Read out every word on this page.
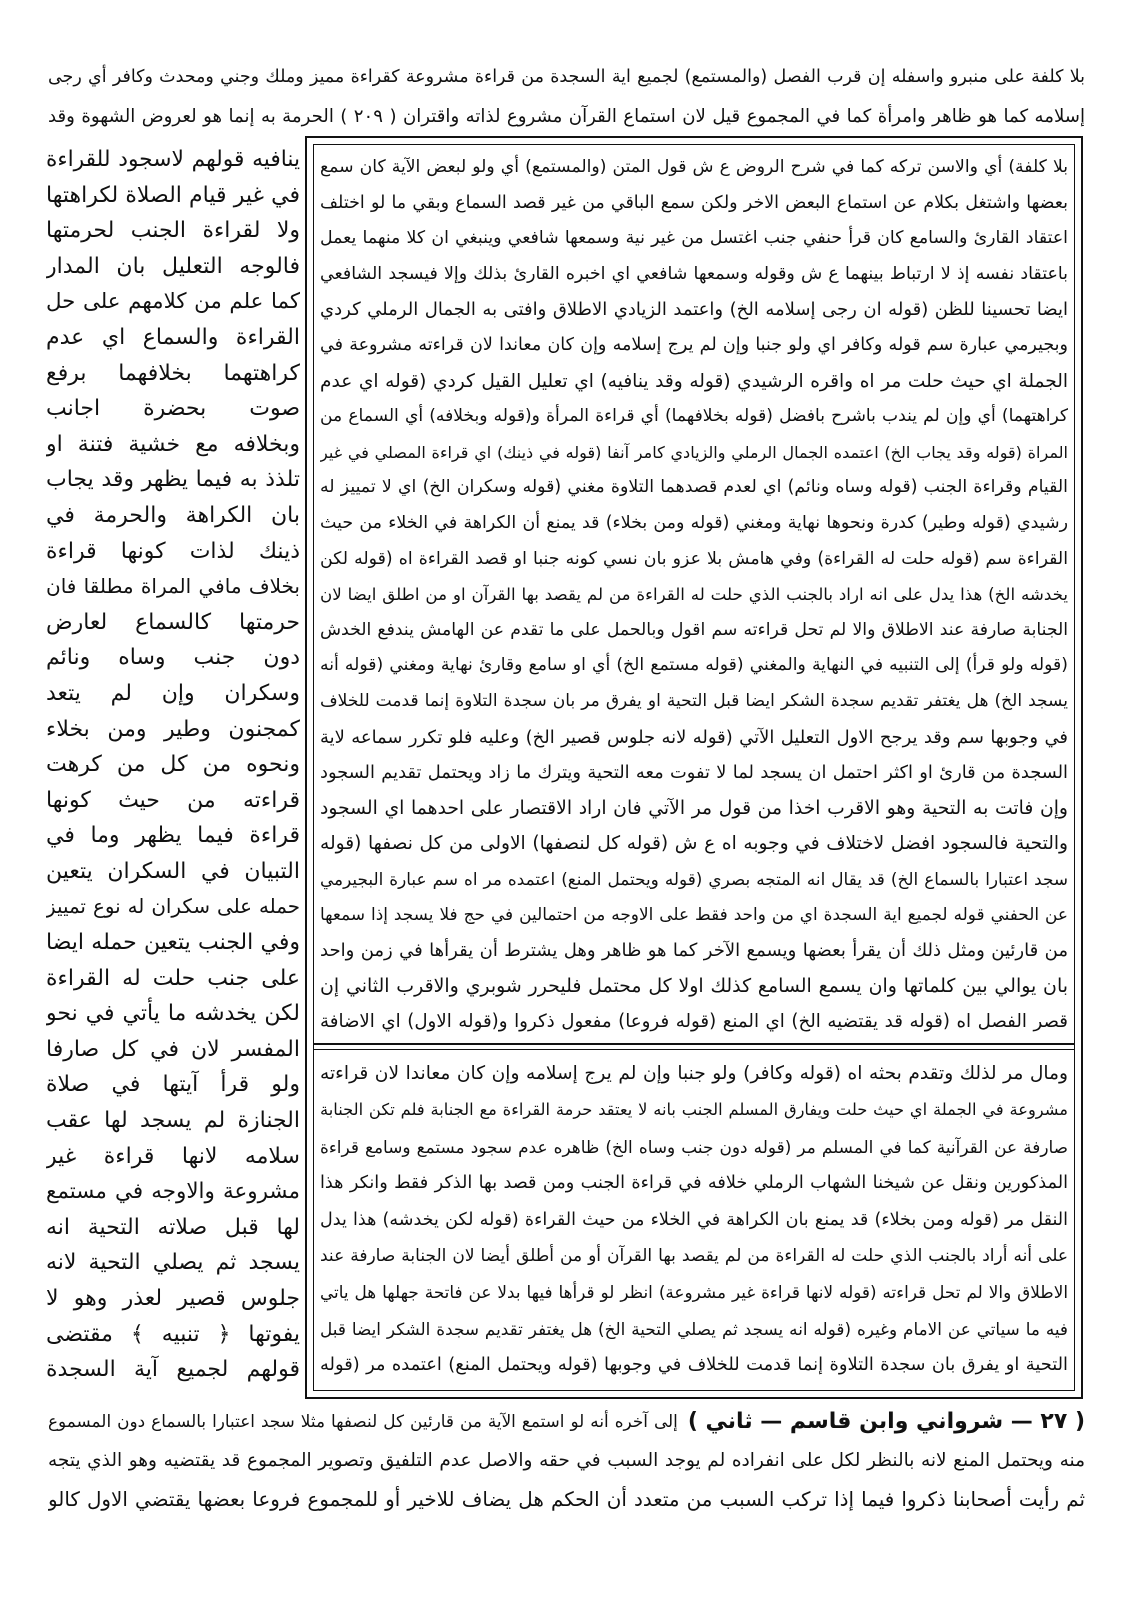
بلا كلفة على منبرو واسفله إن قرب الفصل (والمستمع) لجميع اية السجدة من قراءة مشروعة كقراءة مميز وملك وجني ومحدث وكافر أي رجى
إسلامه كما هو ظاهر وامرأة كما في المجموع قيل لان استماع القرآن مشروع لذاته واقتران ( ٢٠٩ ) الحرمة به إنما هو لعروض الشهوة وقد
ينافيه قولهم لاسجود للقراءة
في غير قيام الصلاة لكراهتها
ولا لقراءة الجنب لحرمتها
فالوجه التعليل بان المدار
كما علم من كلامهم على حل
القراءة والسماع اي عدم
كراهتهما بخلافهما برفع
صوت بحضرة اجانب
وبخلافه مع خشية فتنة او
تلذذ به فيما يظهر وقد يجاب
بان الكراهة والحرمة في
ذينك لذات كونها قراءة
بخلاف مافي المراة مطلقا فان
حرمتها كالسماع لعارض
دون جنب وساه ونائم
وسكران وإن لم يتعد
كمجنون وطير ومن بخلاء
ونحوه من كل من كرهت
قراءته من حيث كونها
قراءة فيما يظهر وما في
التبيان في السكران يتعين
حمله على سكران له نوع تمييز
وفي الجنب يتعين حمله ايضا
على جنب حلت له القراءة
لكن يخدشه ما يأتي في نحو
المفسر لان في كل صارفا
ولو قرأ آيتها في صلاة
الجنازة لم يسجد لها عقب
سلامه لانها قراءة غير
مشروعة والاوجه في مستمع
لها قبل صلاته التحية انه
يسجد ثم يصلي التحية لانه
جلوس قصير لعذر وهو لا
يفوتها ﴿ تنبيه ﴾ مقتضى
قولهم لجميع آية السجدة
بلا كلفة) أي والاسن تركه كما في شرح الروض ع ش قول المتن (والمستمع) أي ولو لبعض الآية كان سمع
بعضها واشتغل بكلام عن استماع البعض الاخر ولكن سمع الباقي من غير قصد السماع وبقي ما لو اختلف
اعتقاد القارئ والسامع كان قرأ حنفي جنب اغتسل من غير نية وسمعها شافعي وينبغي ان كلا منهما يعمل
باعتقاد نفسه إذ لا ارتباط بينهما ع ش وقوله وسمعها شافعي اي اخبره القارئ بذلك وإلا فيسجد الشافعي
ايضا تحسينا للظن (قوله ان رجى إسلامه الخ) واعتمد الزيادي الاطلاق وافتى به الجمال الرملي كردي
وبجيرمي عبارة سم قوله وكافر اي ولو جنبا وإن لم يرج إسلامه وإن كان معاندا لان قراءته مشروعة في
الجملة اي حيث حلت مر اه واقره الرشيدي (قوله وقد ينافيه) اي تعليل القيل كردي (قوله اي عدم
كراهتهما) أي وإن لم يندب باشرح بافضل (قوله بخلافهما) أي قراءة المرأة و(قوله وبخلافه) أي السماع من
المراة (قوله وقد يجاب الخ) اعتمده الجمال الرملي والزيادي كامر آنفا (قوله في ذينك) اي قراءة المصلي في غير
القيام وقراءة الجنب (قوله وساه ونائم) اي لعدم قصدهما التلاوة مغني (قوله وسكران الخ) اي لا تمييز له
رشيدي (قوله وطير) كدرة ونحوها نهاية ومغني (قوله ومن بخلاء) قد يمنع أن الكراهة في الخلاء من حيث
القراءة سم (قوله حلت له القراءة) وفي هامش بلا عزو بان نسي كونه جنبا او قصد القراءة اه (قوله لكن
يخدشه الخ) هذا يدل على انه اراد بالجنب الذي حلت له القراءة من لم يقصد بها القرآن او من اطلق ايضا لان
الجنابة صارفة عند الاطلاق والا لم تحل قراءته سم اقول وبالحمل على ما تقدم عن الهامش يندفع الخدش
(قوله ولو قرأ) إلى التنبيه في النهاية والمغني (قوله مستمع الخ) أي او سامع وقارئ نهاية ومغني (قوله أنه
يسجد الخ) هل يغتفر تقديم سجدة الشكر ايضا قبل التحية او يفرق مر بان سجدة التلاوة إنما قدمت للخلاف
في وجوبها سم وقد يرجح الاول التعليل الآتي (قوله لانه جلوس قصير الخ) وعليه فلو تكرر سماعه لاية
السجدة من قارئ او اكثر احتمل ان يسجد لما لا تفوت معه التحية ويترك ما زاد ويحتمل تقديم السجود
وإن فاتت به التحية وهو الاقرب اخذا من قول مر الآتي فان اراد الاقتصار على احدهما اي السجود
والتحية فالسجود افضل لاختلاف في وجوبه اه ع ش (قوله كل لنصفها) الاولى من كل نصفها (قوله
سجد اعتبارا بالسماع الخ) قد يقال انه المتجه بصري (قوله ويحتمل المنع) اعتمده مر اه سم عبارة البجيرمي
عن الحفني قوله لجميع اية السجدة اي من واحد فقط على الاوجه من احتمالين في حج فلا يسجد إذا سمعها
من قارئين ومثل ذلك أن يقرأ بعضها ويسمع الآخر كما هو ظاهر وهل يشترط أن يقرأها في زمن واحد
بان يوالي بين كلماتها وان يسمع السامع كذلك اولا كل محتمل فليحرر شوبري والاقرب الثاني إن
قصر الفصل اه (قوله قد يقتضيه الخ) اي المنع (قوله فروعا) مفعول ذكروا و(قوله الاول) اي الاضافة
ومال مر لذلك وتقدم بحثه اه (قوله وكافر) ولو جنبا وإن لم يرج إسلامه وإن كان معاندا لان قراءته
مشروعة في الجملة اي حيث حلت ويفارق المسلم الجنب بانه لا يعتقد حرمة القراءة مع الجنابة فلم تكن الجنابة
صارفة عن القرآنية كما في المسلم مر (قوله دون جنب وساه الخ) ظاهره عدم سجود مستمع وسامع قراءة
المذكورين ونقل عن شيخنا الشهاب الرملي خلافه في قراءة الجنب ومن قصد بها الذكر فقط وانكر هذا
النقل مر (قوله ومن بخلاء) قد يمنع بان الكراهة في الخلاء من حيث القراءة (قوله لكن يخدشه) هذا يدل
على أنه أراد بالجنب الذي حلت له القراءة من لم يقصد بها القرآن أو من أطلق أيضا لان الجنابة صارفة عند
الاطلاق والا لم تحل قراءته (قوله لانها قراءة غير مشروعة) انظر لو قرأها فيها بدلا عن فاتحة جهلها هل ياتي
فيه ما سياتي عن الامام وغيره (قوله انه يسجد ثم يصلي التحية الخ) هل يغتفر تقديم سجدة الشكر ايضا قبل
التحية او يفرق بان سجدة التلاوة إنما قدمت للخلاف في وجوبها (قوله ويحتمل المنع) اعتمده مر (قوله
( ٢٧ — شرواني وابن قاسم — ثاني )
إلى آخره أنه لو استمع الآية من قارئين كل لنصفها مثلا سجد اعتبارا بالسماع دون المسموع
منه ويحتمل المنع لانه بالنظر لكل على انفراده لم يوجد السبب في حقه والاصل عدم التلفيق وتصوير المجموع قد يقتضيه وهو الذي يتجه
ثم رأيت أصحابنا ذكروا فيما إذا تركب السبب من متعدد أن الحكم هل يضاف للاخير أو للمجموع فروعا بعضها يقتضي الاول كالو
